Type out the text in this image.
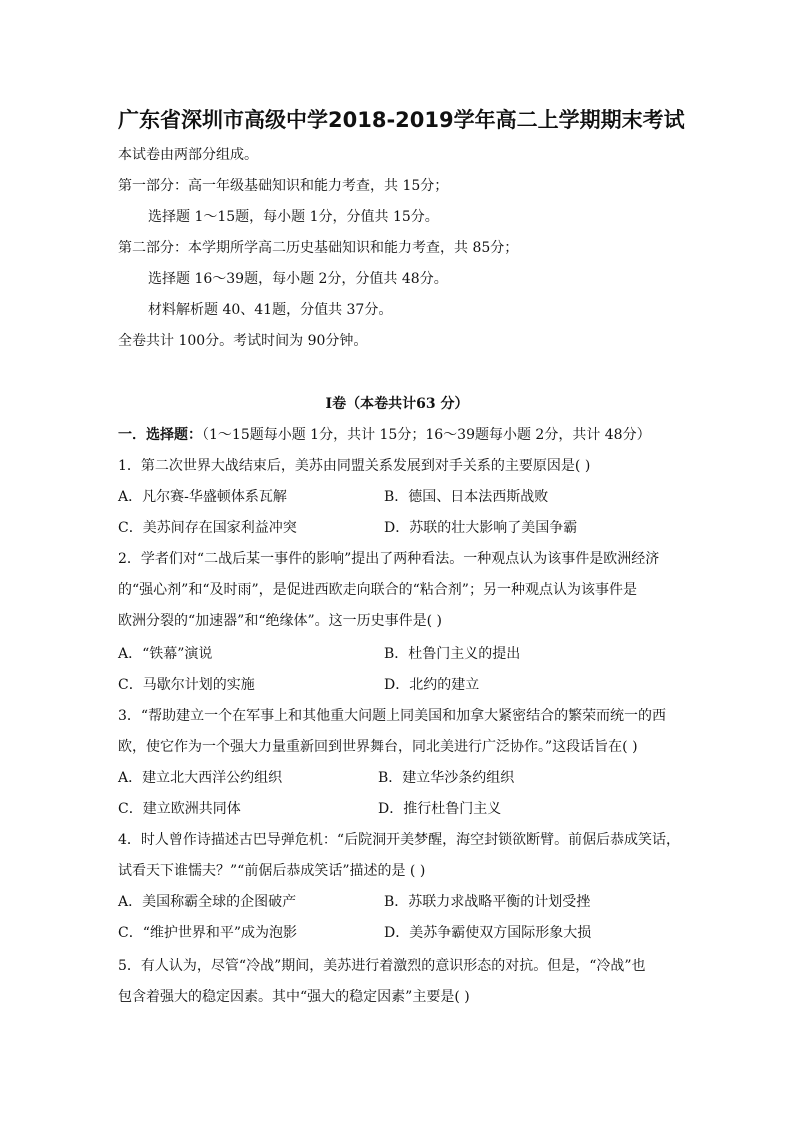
广东省深圳市高级中学2018-2019学年高二上学期期末考试
本试卷由两部分组成。
第一部分：高一年级基础知识和能力考查，共 15分；
选择题 1～15题，每小题 1分，分值共 15分。
第二部分：本学期所学高二历史基础知识和能力考查，共 85分；
选择题 16～39题，每小题 2分，分值共 48分。
材料解析题 40、41题，分值共 37分。
全卷共计 100分。考试时间为 90分钟。
Ⅰ卷（本卷共计63 分）
一．选择题：（1～15题每小题 1分，共计 15分；16～39题每小题 2分，共计 48分）
1．第二次世界大战结束后，美苏由同盟关系发展到对手关系的主要原因是( )
A．凡尔赛-华盛顿体系瓦解	B．德国、日本法西斯战败
C．美苏间存在国家利益冲突	D．苏联的壮大影响了美国争霸
2．学者们对“二战后某一事件的影响”提出了两种看法。一种观点认为该事件是欧洲经济
的“强心剂”和“及时雨”，是促进西欧走向联合的“粘合剂”；另一种观点认为该事件是
欧洲分裂的“加速器”和“绝缘体”。这一历史事件是( )
A．“铁幕”演说	B．杜鲁门主义的提出
C．马歇尔计划的实施	D．北约的建立
3．“帮助建立一个在军事上和其他重大问题上同美国和加拿大紧密结合的繁荣而统一的西
欧，使它作为一个强大力量重新回到世界舞台，同北美进行广泛协作。”这段话旨在( )
A．建立北大西洋公约组织	B．建立华沙条约组织
C．建立欧洲共同体	D．推行杜鲁门主义
4．时人曾作诗描述古巴导弹危机：“后院洞开美梦醒，海空封锁欲断臂。前倨后恭成笑话，
试看天下谁懦夫？”“前倨后恭成笑话”描述的是 ( )
A．美国称霸全球的企图破产	B．苏联力求战略平衡的计划受挫
C．“维护世界和平”成为泡影	D．美苏争霸使双方国际形象大损
5．有人认为，尽管“冷战”期间，美苏进行着激烈的意识形态的对抗。但是，“冷战”也
包含着强大的稳定因素。其中“强大的稳定因素”主要是( )
